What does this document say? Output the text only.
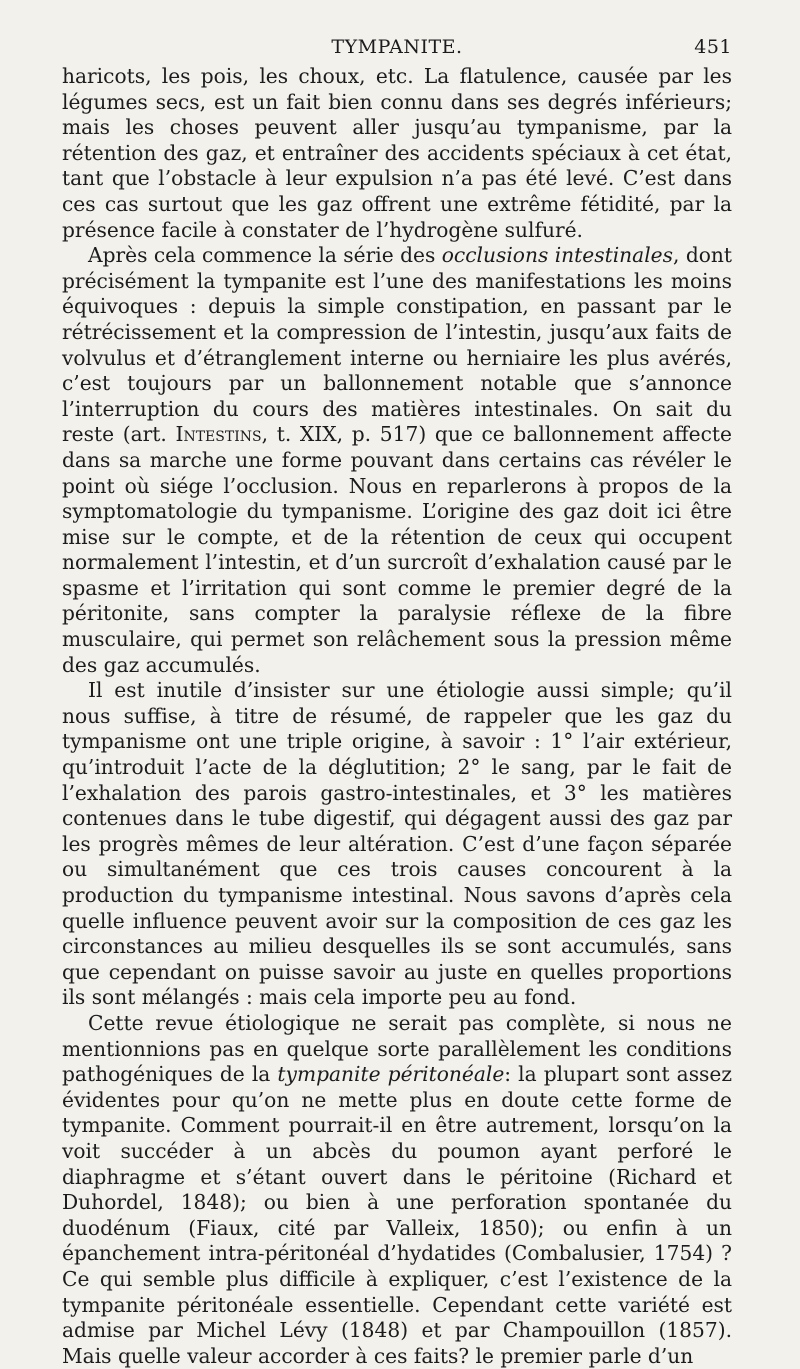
TYMPANITE.	451

haricots, les pois, les choux, etc. La flatulence, causée par les légumes secs, est un fait bien connu dans ses degrés inférieurs; mais les choses peuvent aller jusqu’au tympanisme, par la rétention des gaz, et entraîner des accidents spéciaux à cet état, tant que l’obstacle à leur expulsion n’a pas été levé. C’est dans ces cas surtout que les gaz offrent une extrême fétidité, par la présence facile à constater de l’hydrogène sulfuré.

Après cela commence la série des occlusions intestinales, dont précisément la tympanite est l’une des manifestations les moins équivoques : depuis la simple constipation, en passant par le rétrécissement et la compression de l’intestin, jusqu’aux faits de volvulus et d’étranglement interne ou herniaire les plus avérés, c’est toujours par un ballonnement notable que s’annonce l’interruption du cours des matières intestinales. On sait du reste (art. Intestins, t. XIX, p. 517) que ce ballonnement affecte dans sa marche une forme pouvant dans certains cas révéler le point où siége l’occlusion. Nous en reparlerons à propos de la symptomatologie du tympanisme. L’origine des gaz doit ici être mise sur le compte, et de la rétention de ceux qui occupent normalement l’intestin, et d’un surcroît d’exhalation causé par le spasme et l’irritation qui sont comme le premier degré de la péritonite, sans compter la paralysie réflexe de la fibre musculaire, qui permet son relâchement sous la pression même des gaz accumulés.

Il est inutile d’insister sur une étiologie aussi simple; qu’il nous suffise, à titre de résumé, de rappeler que les gaz du tympanisme ont une triple origine, à savoir : 1° l’air extérieur, qu’introduit l’acte de la déglutition; 2° le sang, par le fait de l’exhalation des parois gastro-intestinales, et 3° les matières contenues dans le tube digestif, qui dégagent aussi des gaz par les progrès mêmes de leur altération. C’est d’une façon séparée ou simultanément que ces trois causes concourent à la production du tympanisme intestinal. Nous savons d’après cela quelle influence peuvent avoir sur la composition de ces gaz les circonstances au milieu desquelles ils se sont accumulés, sans que cependant on puisse savoir au juste en quelles proportions ils sont mélangés : mais cela importe peu au fond.

Cette revue étiologique ne serait pas complète, si nous ne mentionnions pas en quelque sorte parallèlement les conditions pathogéniques de la tympanite péritonéale: la plupart sont assez évidentes pour qu’on ne mette plus en doute cette forme de tympanite. Comment pourrait-il en être autrement, lorsqu’on la voit succéder à un abcès du poumon ayant perforé le diaphragme et s’étant ouvert dans le péritoine (Richard et Duhordel, 1848); ou bien à une perforation spontanée du duodénum (Fiaux, cité par Valleix, 1850); ou enfin à un épanchement intra-péritonéal d’hydatides (Combalusier, 1754) ? Ce qui semble plus difficile à expliquer, c’est l’existence de la tympanite péritonéale essentielle. Cependant cette variété est admise par Michel Lévy (1848) et par Champouillon (1857). Mais quelle valeur accorder à ces faits? le premier parle d’un
